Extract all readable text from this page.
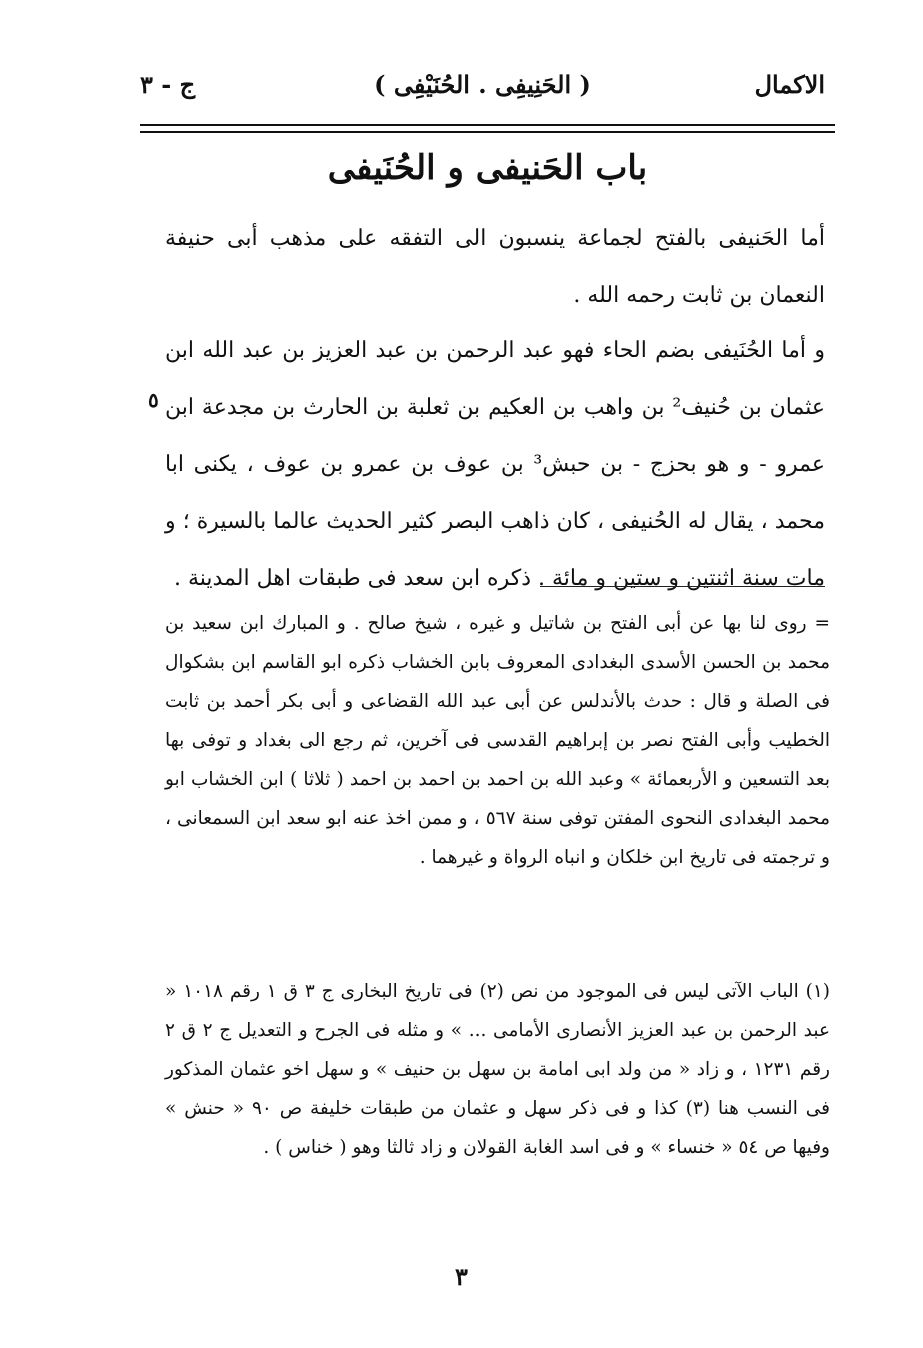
الاكمال
( الحَنِيفِى . الحُنَيْفِى )
ج - ٣
باب الحَنيفى و الحُنَيفى

أما الحَنيفى بالفتح لجماعة ينسبون الى التفقه على مذهب أبى حنيفة النعمان بن ثابت رحمه الله .

و أما الحُنَيفى بضم الحاء فهو عبد الرحمن بن عبد العزيز بن عبد الله ابن عثمان بن حُنيف² بن واهب بن العكيم بن ثعلبة بن الحارث بن مجدعة ابن عمرو - و هو بحزج - بن حبش³ بن عوف بن عمرو بن عوف ، يكنى ابا محمد ، يقال له الحُنيفى ، كان ذاهب البصر كثير الحديث عالما بالسيرة ؛ و مات سنة اثنتين و ستين و مائة . ذكره ابن سعد فى طبقات اهل المدينة .

٥

= روى لنا بها عن أبى الفتح بن شاتيل و غيره ، شيخ صالح . و المبارك ابن سعيد بن محمد بن الحسن الأسدى البغدادى المعروف بابن الخشاب ذكره ابو القاسم ابن بشكوال فى الصلة و قال : حدث بالأندلس عن أبى عبد الله القضاعى و أبى بكر أحمد بن ثابت الخطيب وأبى الفتح نصر بن إبراهيم القدسى فى آخرين، ثم رجع الى بغداد و توفى بها بعد التسعين و الأربعمائة » وعبد الله بن احمد بن احمد بن احمد ( ثلاثا ) ابن الخشاب ابو محمد البغدادى النحوى المفتن توفى سنة ٥٦٧ ، و ممن اخذ عنه ابو سعد ابن السمعانى ، و ترجمته فى تاريخ ابن خلكان و انباه الرواة و غيرهما .

(١) الباب الآتى ليس فى الموجود من نص (٢) فى تاريخ البخارى ج ٣ ق ١ رقم ١٠١٨ « عبد الرحمن بن عبد العزيز الأنصارى الأمامى ... » و مثله فى الجرح و التعديل ج ٢ ق ٢ رقم ١٢٣١ ، و زاد « من ولد ابى امامة بن سهل بن حنيف » و سهل اخو عثمان المذكور فى النسب هنا (٣) كذا و فى ذكر سهل و عثمان من طبقات خليفة ص ٩٠ « حنش » وفيها ص ٥٤ « خنساء » و فى اسد الغابة القولان و زاد ثالثا وهو ( خناس ) .

٣
